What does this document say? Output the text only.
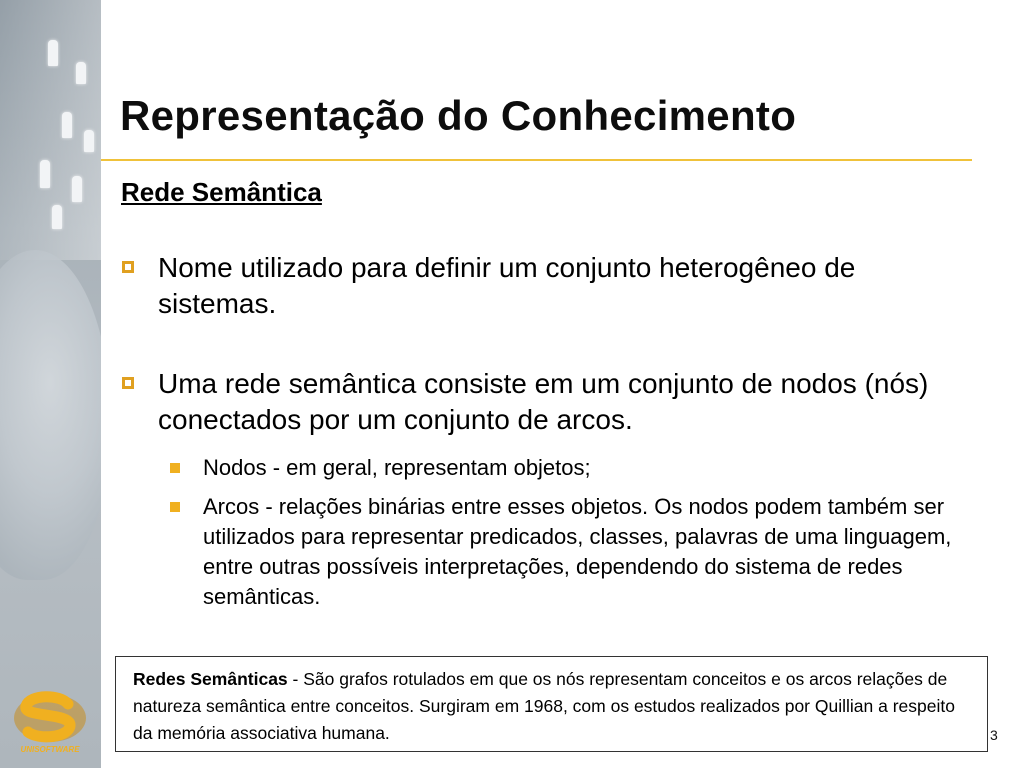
UNISOFTWARE
Representação do Conhecimento
Rede Semântica
Nome utilizado para definir um conjunto heterogêneo de sistemas.
Uma rede semântica consiste em um conjunto de nodos (nós) conectados por um conjunto de arcos.
Nodos - em geral, representam objetos;
Arcos - relações binárias entre esses objetos. Os nodos podem também ser utilizados para representar predicados, classes, palavras de uma linguagem, entre outras possíveis interpretações, dependendo do sistema de redes semânticas.
Redes Semânticas - São grafos rotulados em que os nós representam conceitos e os arcos relações de natureza semântica entre conceitos. Surgiram em 1968, com os estudos realizados por Quillian a respeito da memória associativa humana.	3
